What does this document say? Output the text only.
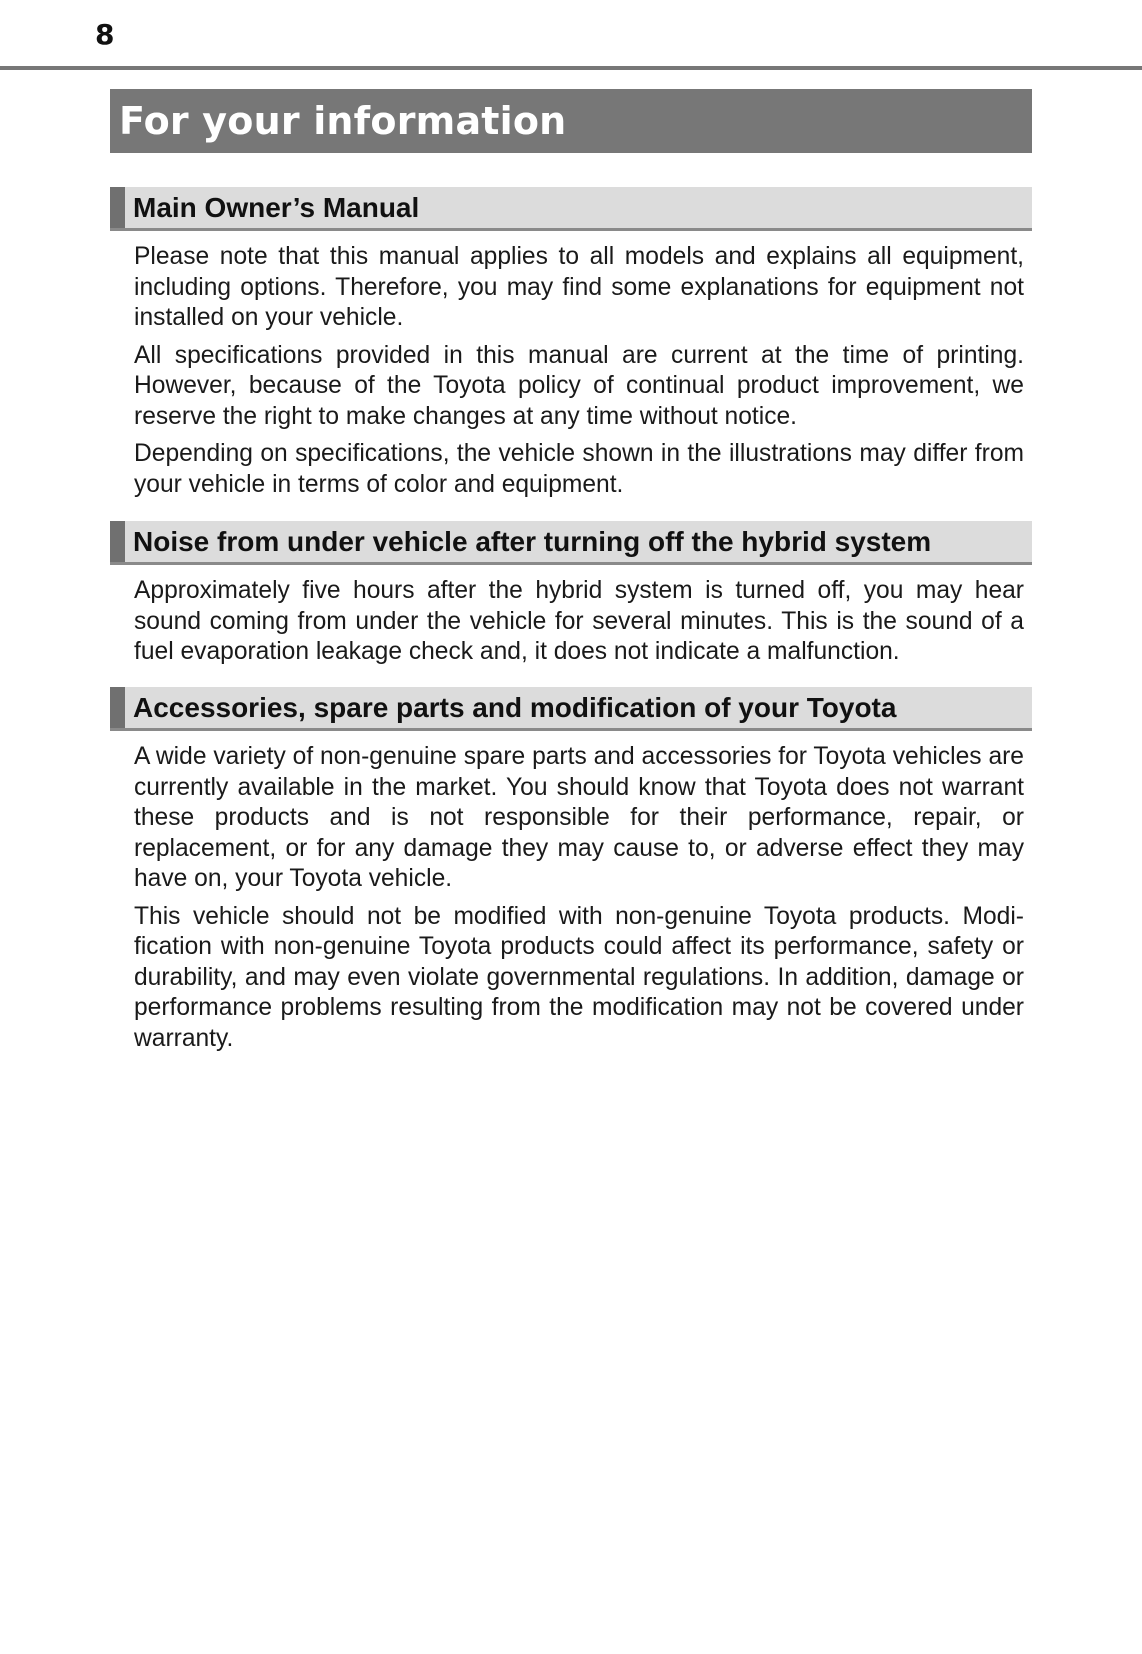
8
For your information
Main Owner’s Manual

Please note that this manual applies to all models and explains all equipment, including options. Therefore, you may find some explanations for equipment not installed on your vehicle.

All specifications provided in this manual are current at the time of printing. However, because of the Toyota policy of continual product improvement, we reserve the right to make changes at any time without notice.

Depending on specifications, the vehicle shown in the illustrations may differ from your vehicle in terms of color and equipment.

Noise from under vehicle after turning off the hybrid system

Approximately five hours after the hybrid system is turned off, you may hear sound coming from under the vehicle for several minutes. This is the sound of a fuel evaporation leakage check and, it does not indicate a malfunction.

Accessories, spare parts and modification of your Toyota

A wide variety of non-genuine spare parts and accessories for Toyota vehicles are currently available in the market. You should know that Toyota does not warrant these products and is not responsible for their performance, repair, or replacement, or for any damage they may cause to, or adverse effect they may have on, your Toyota vehicle.

This vehicle should not be modified with non-genuine Toyota products. Modification with non-genuine Toyota products could affect its performance, safety or durability, and may even violate governmental regulations. In addition, damage or performance problems resulting from the modification may not be covered under warranty.
